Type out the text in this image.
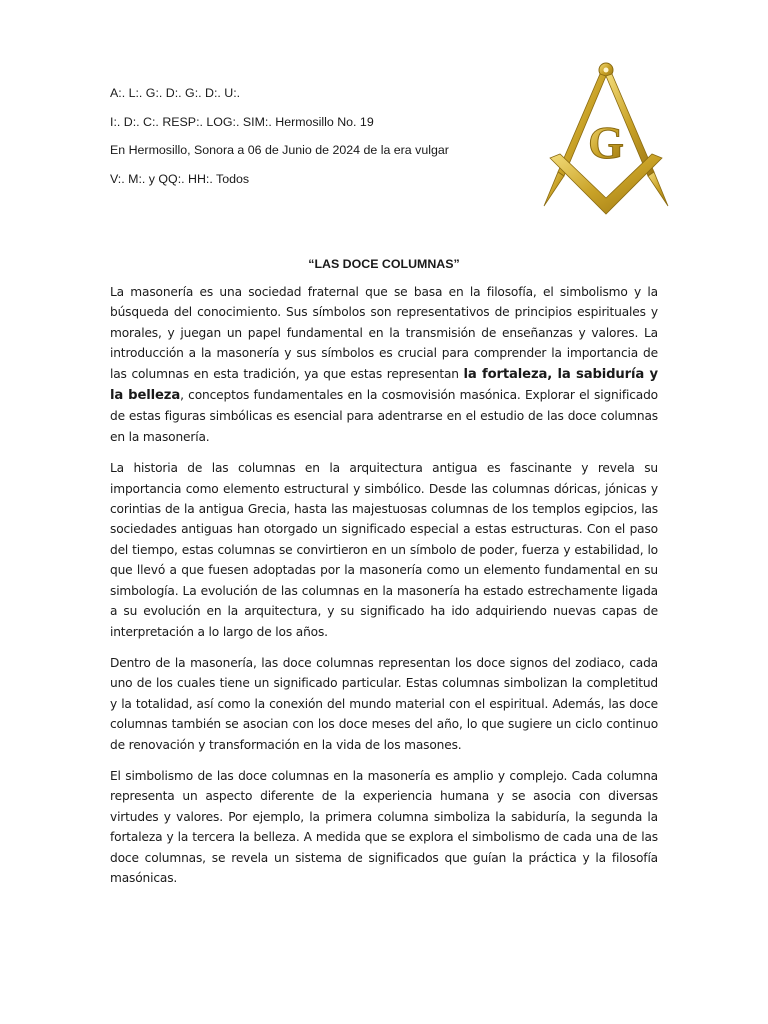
A:. L:. G:. D:. G:. D:. U:.
I:. D:. C:. RESP:. LOG:. SIM:. Hermosillo No. 19
En Hermosillo, Sonora a 06 de Junio de 2024 de la era vulgar
V:. M:. y QQ:. HH:. Todos
G
“LAS DOCE COLUMNAS”

La masonería es una sociedad fraternal que se basa en la filosofía, el simbolismo y la búsqueda del conocimiento. Sus símbolos son representativos de principios espirituales y morales, y juegan un papel fundamental en la transmisión de enseñanzas y valores. La introducción a la masonería y sus símbolos es crucial para comprender la importancia de las columnas en esta tradición, ya que estas representan la fortaleza, la sabiduría y la belleza, conceptos fundamentales en la cosmovisión masónica. Explorar el significado de estas figuras simbólicas es esencial para adentrarse en el estudio de las doce columnas en la masonería.

La historia de las columnas en la arquitectura antigua es fascinante y revela su importancia como elemento estructural y simbólico. Desde las columnas dóricas, jónicas y corintias de la antigua Grecia, hasta las majestuosas columnas de los templos egipcios, las sociedades antiguas han otorgado un significado especial a estas estructuras. Con el paso del tiempo, estas columnas se convirtieron en un símbolo de poder, fuerza y estabilidad, lo que llevó a que fuesen adoptadas por la masonería como un elemento fundamental en su simbología. La evolución de las columnas en la masonería ha estado estrechamente ligada a su evolución en la arquitectura, y su significado ha ido adquiriendo nuevas capas de interpretación a lo largo de los años.

Dentro de la masonería, las doce columnas representan los doce signos del zodiaco, cada uno de los cuales tiene un significado particular. Estas columnas simbolizan la completitud y la totalidad, así como la conexión del mundo material con el espiritual. Además, las doce columnas también se asocian con los doce meses del año, lo que sugiere un ciclo continuo de renovación y transformación en la vida de los masones.

El simbolismo de las doce columnas en la masonería es amplio y complejo. Cada columna representa un aspecto diferente de la experiencia humana y se asocia con diversas virtudes y valores. Por ejemplo, la primera columna simboliza la sabiduría, la segunda la fortaleza y la tercera la belleza. A medida que se explora el simbolismo de cada una de las doce columnas, se revela un sistema de significados que guían la práctica y la filosofía masónicas.
